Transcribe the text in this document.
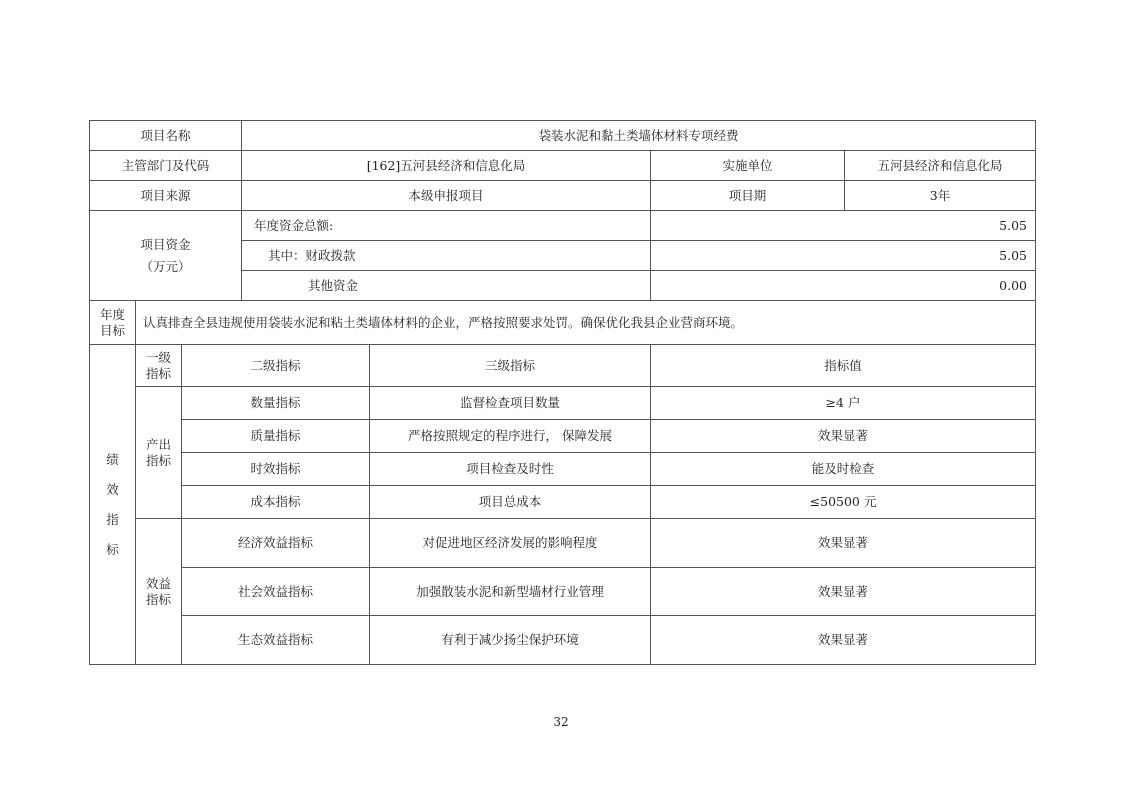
项目名称			袋装水泥和黏土类墙体材料专项经费			
主管部门及代码			[162]五河县经济和信息化局		实施单位	五河县经济和信息化局
项目来源			本级申报项目		项目期	3年
项目资金
（万元）			年度资金总额:		5.05	
			其中：财政拨款		5.05	
			其他资金		0.00	
年度目标	认真排查全县违规使用袋装水泥和粘土类墙体材料的企业，严格按照要求处罚。确保优化我县企业营商环境。					
绩效指标	一级指标	二级指标		三级指标	指标值	
	产出指标	数量指标		监督检查项目数量	≥4 户	
		质量指标		严格按照规定的程序进行， 保障发展	效果显著	
		时效指标		项目检查及时性	能及时检查	
		成本指标		项目总成本	≤50500 元	
	效益指标	经济效益指标		对促进地区经济发展的影响程度	效果显著	
		社会效益指标		加强散装水泥和新型墙材行业管理	效果显著	
		生态效益指标		有利于减少扬尘保护环境	效果显著	
32
